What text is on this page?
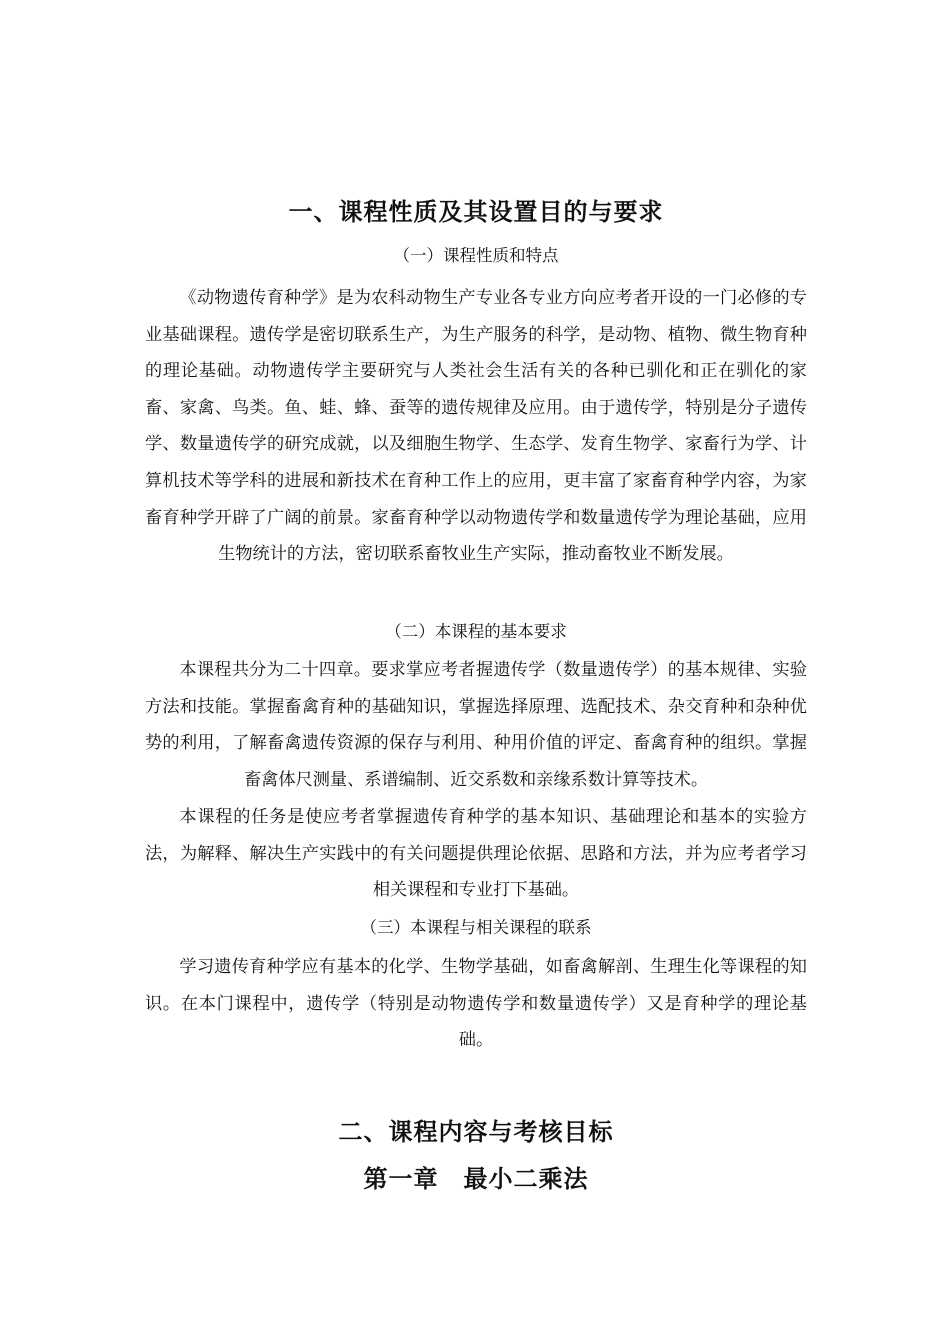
一、课程性质及其设置目的与要求
（一）课程性质和特点

《动物遗传育种学》是为农科动物生产专业各专业方向应考者开设的一门必修的专业基础课程。遗传学是密切联系生产，为生产服务的科学，是动物、植物、微生物育种的理论基础。动物遗传学主要研究与人类社会生活有关的各种已驯化和正在驯化的家畜、家禽、鸟类。鱼、蛙、蜂、蚕等的遗传规律及应用。由于遗传学，特别是分子遗传学、数量遗传学的研究成就，以及细胞生物学、生态学、发育生物学、家畜行为学、计算机技术等学科的进展和新技术在育种工作上的应用，更丰富了家畜育种学内容，为家畜育种学开辟了广阔的前景。家畜育种学以动物遗传学和数量遗传学为理论基础，应用生物统计的方法，密切联系畜牧业生产实际，推动畜牧业不断发展。

（二）本课程的基本要求

本课程共分为二十四章。要求掌应考者握遗传学（数量遗传学）的基本规律、实验方法和技能。掌握畜禽育种的基础知识，掌握选择原理、选配技术、杂交育种和杂种优势的利用，了解畜禽遗传资源的保存与利用、种用价值的评定、畜禽育种的组织。掌握畜禽体尺测量、系谱编制、近交系数和亲缘系数计算等技术。

本课程的任务是使应考者掌握遗传育种学的基本知识、基础理论和基本的实验方法，为解释、解决生产实践中的有关问题提供理论依据、思路和方法，并为应考者学习相关课程和专业打下基础。

（三）本课程与相关课程的联系

学习遗传育种学应有基本的化学、生物学基础，如畜禽解剖、生理生化等课程的知识。在本门课程中，遗传学（特别是动物遗传学和数量遗传学）又是育种学的理论基础。

二、课程内容与考核目标
第一章　最小二乘法
